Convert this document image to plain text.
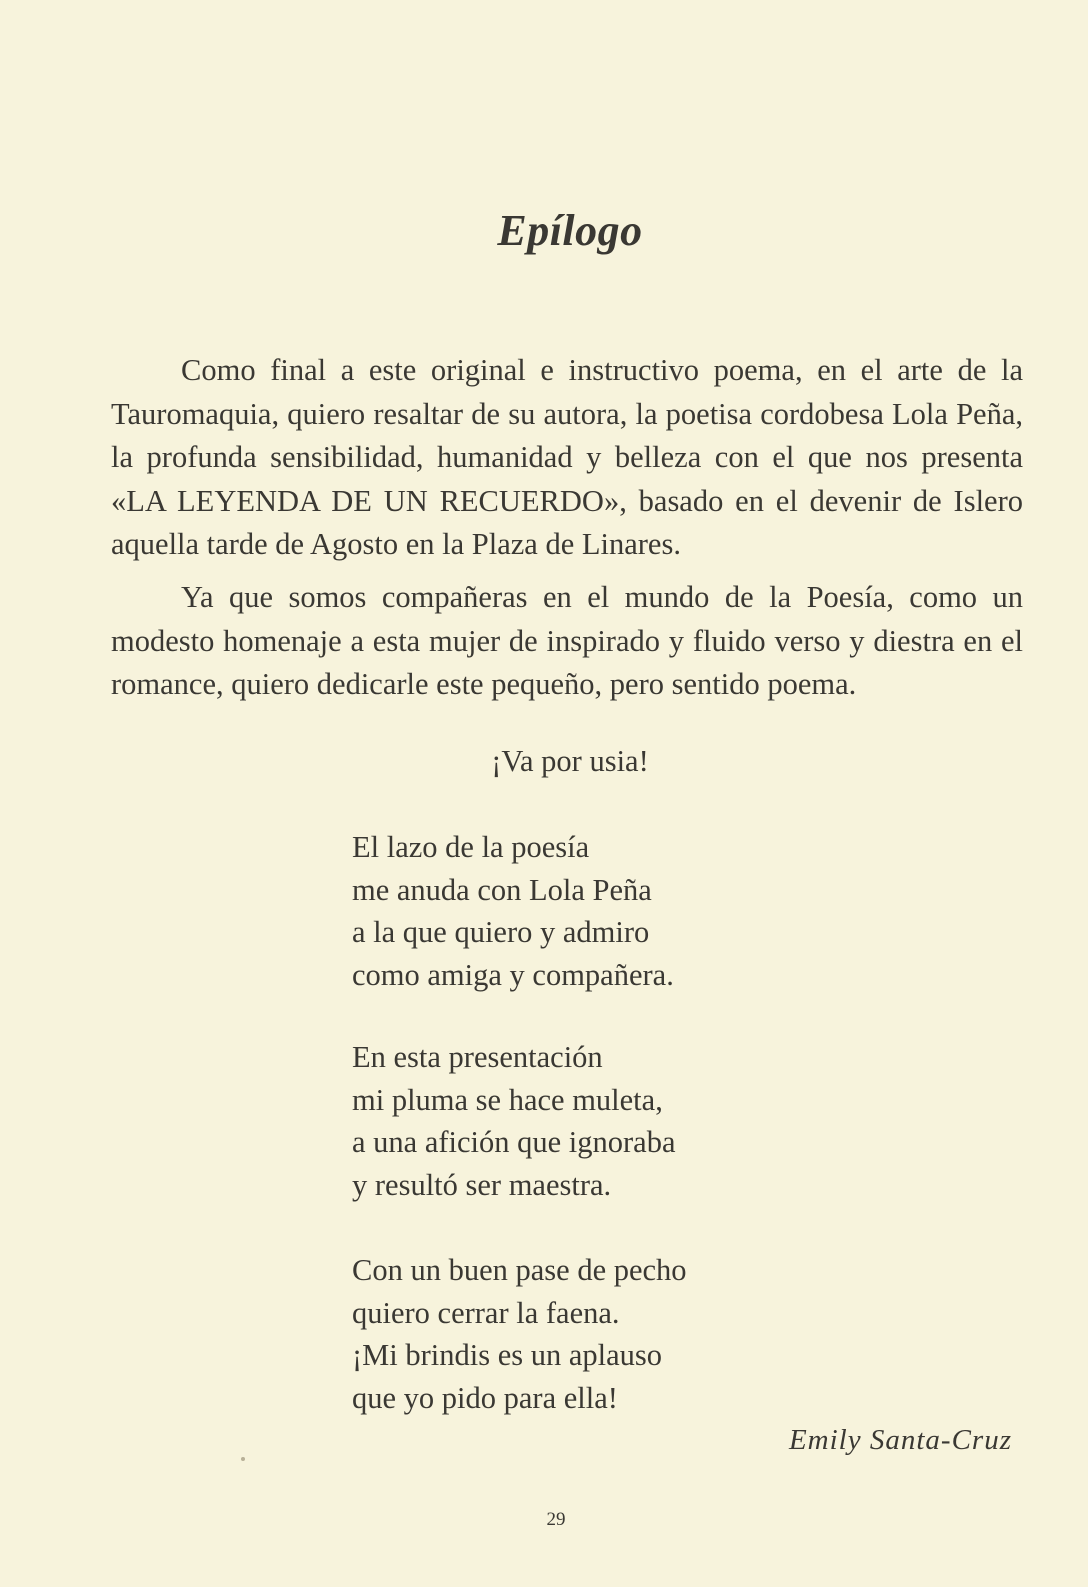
Epílogo
Como final a este original e instructivo poema, en el arte de la Tauromaquia, quiero resaltar de su autora, la poetisa cordobesa Lola Peña, la profunda sensibilidad, humanidad y belleza con el que nos presenta «LA LEYENDA DE UN RECUERDO», basado en el devenir de Islero aquella tarde de Agosto en la Plaza de Linares.
Ya que somos compañeras en el mundo de la Poesía, como un modesto homenaje a esta mujer de inspirado y fluido verso y diestra en el romance, quiero dedicarle este pequeño, pero sentido poema.
¡Va por usia!
El lazo de la poesía
me anuda con Lola Peña
a la que quiero y admiro
como amiga y compañera.
En esta presentación
mi pluma se hace muleta,
a una afición que ignoraba
y resultó ser maestra.
Con un buen pase de pecho
quiero cerrar la faena.
¡Mi brindis es un aplauso
que yo pido para ella!
Emily Santa-Cruz
29
